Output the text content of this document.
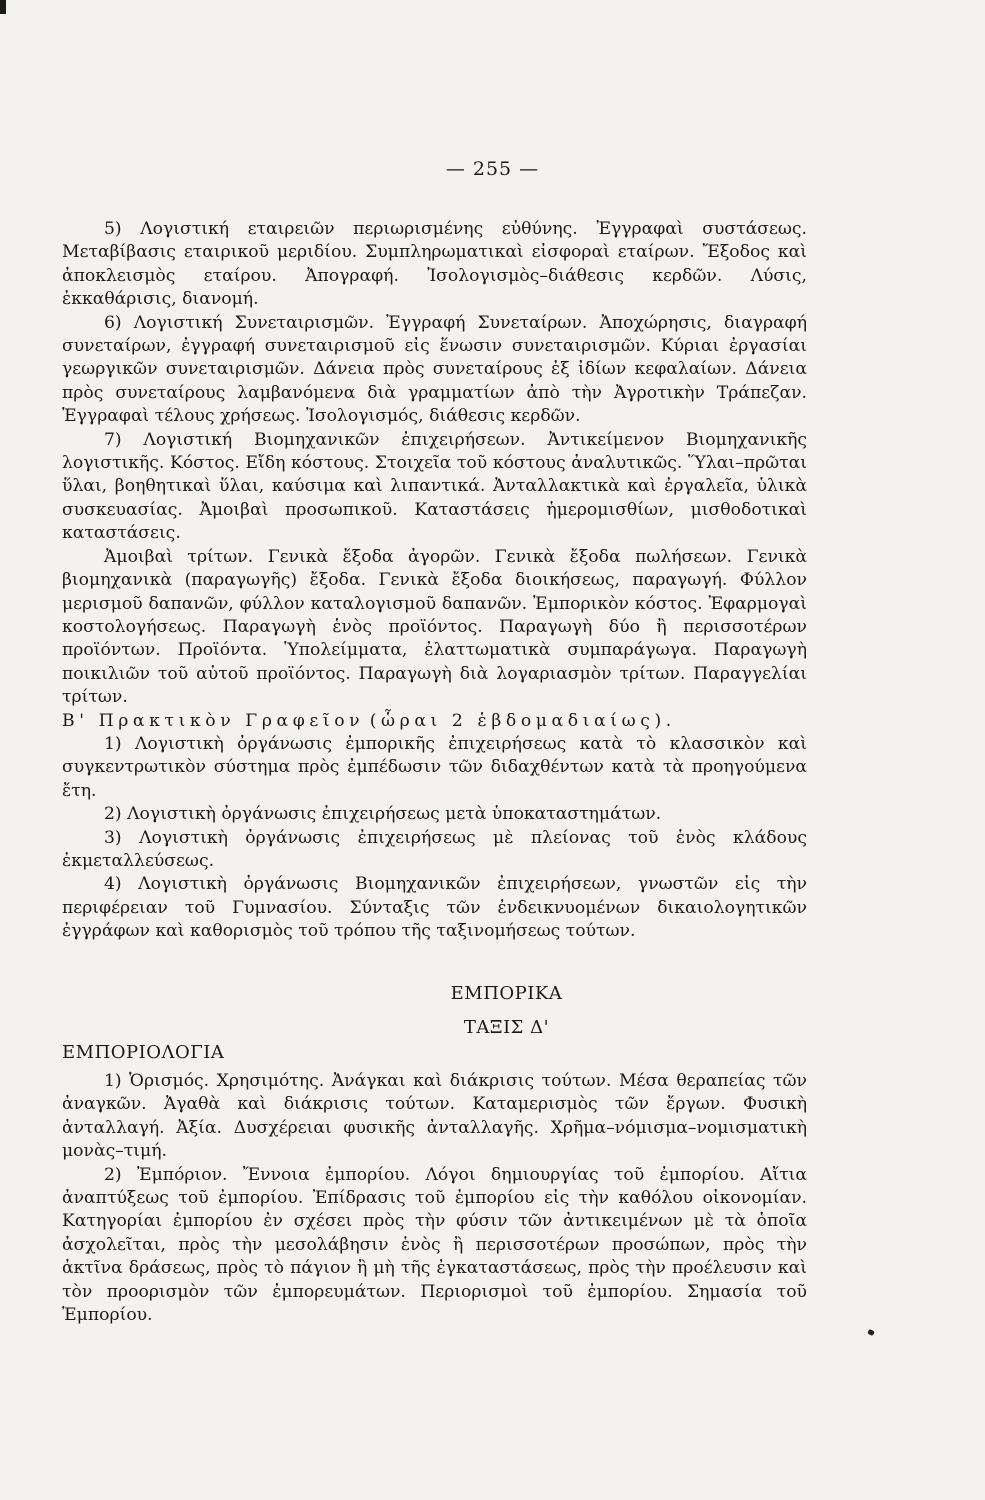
— 255 —

5) Λογιστική εταιρειῶν περιωρισμένης εὐθύνης. Ἐγγραφαὶ συστάσεως. Μεταβίβασις εταιρικοῦ μεριδίου. Συμπληρωματικαὶ εἰσφοραὶ εταίρων. Ἔξοδος καὶ ἀποκλεισμὸς εταίρου. Ἀπογραφή. Ἰσολογισμὸς–διάθεσις κερδῶν. Λύσις, ἐκκαθάρισις, διανομή.

6) Λογιστική Συνεταιρισμῶν. Ἐγγραφή Συνεταίρων. Ἀποχώρησις, διαγραφή συνεταίρων, ἐγγραφή συνεταιρισμοῦ εἰς ἕνωσιν συνεταιρισμῶν. Κύριαι ἐργασίαι γεωργικῶν συνεταιρισμῶν. Δάνεια πρὸς συνεταίρους ἐξ ἰδίων κεφαλαίων. Δάνεια πρὸς συνεταίρους λαμβανόμενα διὰ γραμματίων ἀπὸ τὴν Ἀγροτικὴν Τράπεζαν. Ἐγγραφαὶ τέλους χρήσεως. Ἰσολογισμός, διάθεσις κερδῶν.

7) Λογιστική Βιομηχανικῶν ἐπιχειρήσεων. Ἀντικείμενον Βιομηχανικῆς λογιστικῆς. Κόστος. Εἴδη κόστους. Στοιχεῖα τοῦ κόστους ἀναλυτικῶς. Ὕλαι–πρῶται ὕλαι, βοηθητικαὶ ὕλαι, καύσιμα καὶ λιπαντικά. Ἀνταλλακτικὰ καὶ ἐργαλεῖα, ὑλικὰ συσκευασίας. Ἀμοιβαὶ προσωπικοῦ. Καταστάσεις ἡμερομισθίων, μισθοδοτικαὶ καταστάσεις.

Ἀμοιβαὶ τρίτων. Γενικὰ ἔξοδα ἀγορῶν. Γενικὰ ἔξοδα πωλήσεων. Γενικὰ βιομηχανικὰ (παραγωγῆς) ἔξοδα. Γενικὰ ἔξοδα διοικήσεως, παραγωγή. Φύλλον μερισμοῦ δαπανῶν, φύλλον καταλογισμοῦ δαπανῶν. Ἐμπορικὸν κόστος. Ἐφαρμογαὶ κοστολογήσεως. Παραγωγὴ ἑνὸς προϊόντος. Παραγωγὴ δύο ἢ περισσοτέρων προϊόντων. Προϊόντα. Ὑπολείμματα, ἐλαττωματικὰ συμπαράγωγα. Παραγωγὴ ποικιλιῶν τοῦ αὐτοῦ προϊόντος. Παραγωγὴ διὰ λογαριασμὸν τρίτων. Παραγγελίαι τρίτων.

Β' Πρακτικὸν Γραφεῖον (ὧραι 2 ἑβδομαδιαίως).

1) Λογιστικὴ ὀργάνωσις ἐμπορικῆς ἐπιχειρήσεως κατὰ τὸ κλασσικὸν καὶ συγκεντρωτικὸν σύστημα πρὸς ἐμπέδωσιν τῶν διδαχθέντων κατὰ τὰ προηγούμενα ἔτη.

2) Λογιστικὴ ὀργάνωσις ἐπιχειρήσεως μετὰ ὑποκαταστημάτων.

3) Λογιστικὴ ὀργάνωσις ἐπιχειρήσεως μὲ πλείονας τοῦ ἑνὸς κλάδους ἐκμεταλλεύσεως.

4) Λογιστικὴ ὀργάνωσις Βιομηχανικῶν ἐπιχειρήσεων, γνωστῶν εἰς τὴν περιφέρειαν τοῦ Γυμνασίου. Σύνταξις τῶν ἐνδεικνυομένων δικαιολογητικῶν ἐγγράφων καὶ καθορισμὸς τοῦ τρόπου τῆς ταξινομήσεως τούτων.

ΕΜΠΟΡΙΚΑ
ΤΑΞΙΣ Δ'
ΕΜΠΟΡΙΟΛΟΓΙΑ

1) Ὁρισμός. Χρησιμότης. Ἀνάγκαι καὶ διάκρισις τούτων. Μέσα θεραπείας τῶν ἀναγκῶν. Ἀγαθὰ καὶ διάκρισις τούτων. Καταμερισμὸς τῶν ἔργων. Φυσικὴ ἀνταλλαγή. Ἀξία. Δυσχέρειαι φυσικῆς ἀνταλλαγῆς. Χρῆμα–νόμισμα–νομισματικὴ μονὰς–τιμή.

2) Ἐμπόριον. Ἔννοια ἐμπορίου. Λόγοι δημιουργίας τοῦ ἐμπορίου. Αἴτια ἀναπτύξεως τοῦ ἐμπορίου. Ἐπίδρασις τοῦ ἐμπορίου εἰς τὴν καθόλου οἰκονομίαν. Κατηγορίαι ἐμπορίου ἐν σχέσει πρὸς τὴν φύσιν τῶν ἀντικειμένων μὲ τὰ ὁποῖα ἀσχολεῖται, πρὸς τὴν μεσολάβησιν ἑνὸς ἢ περισσοτέρων προσώπων, πρὸς τὴν ἀκτῖνα δράσεως, πρὸς τὸ πάγιον ἢ μὴ τῆς ἐγκαταστάσεως, πρὸς τὴν προέλευσιν καὶ τὸν προορισμὸν τῶν ἐμπορευμάτων. Περιορισμοὶ τοῦ ἐμπορίου. Σημασία τοῦ Ἐμπορίου.
